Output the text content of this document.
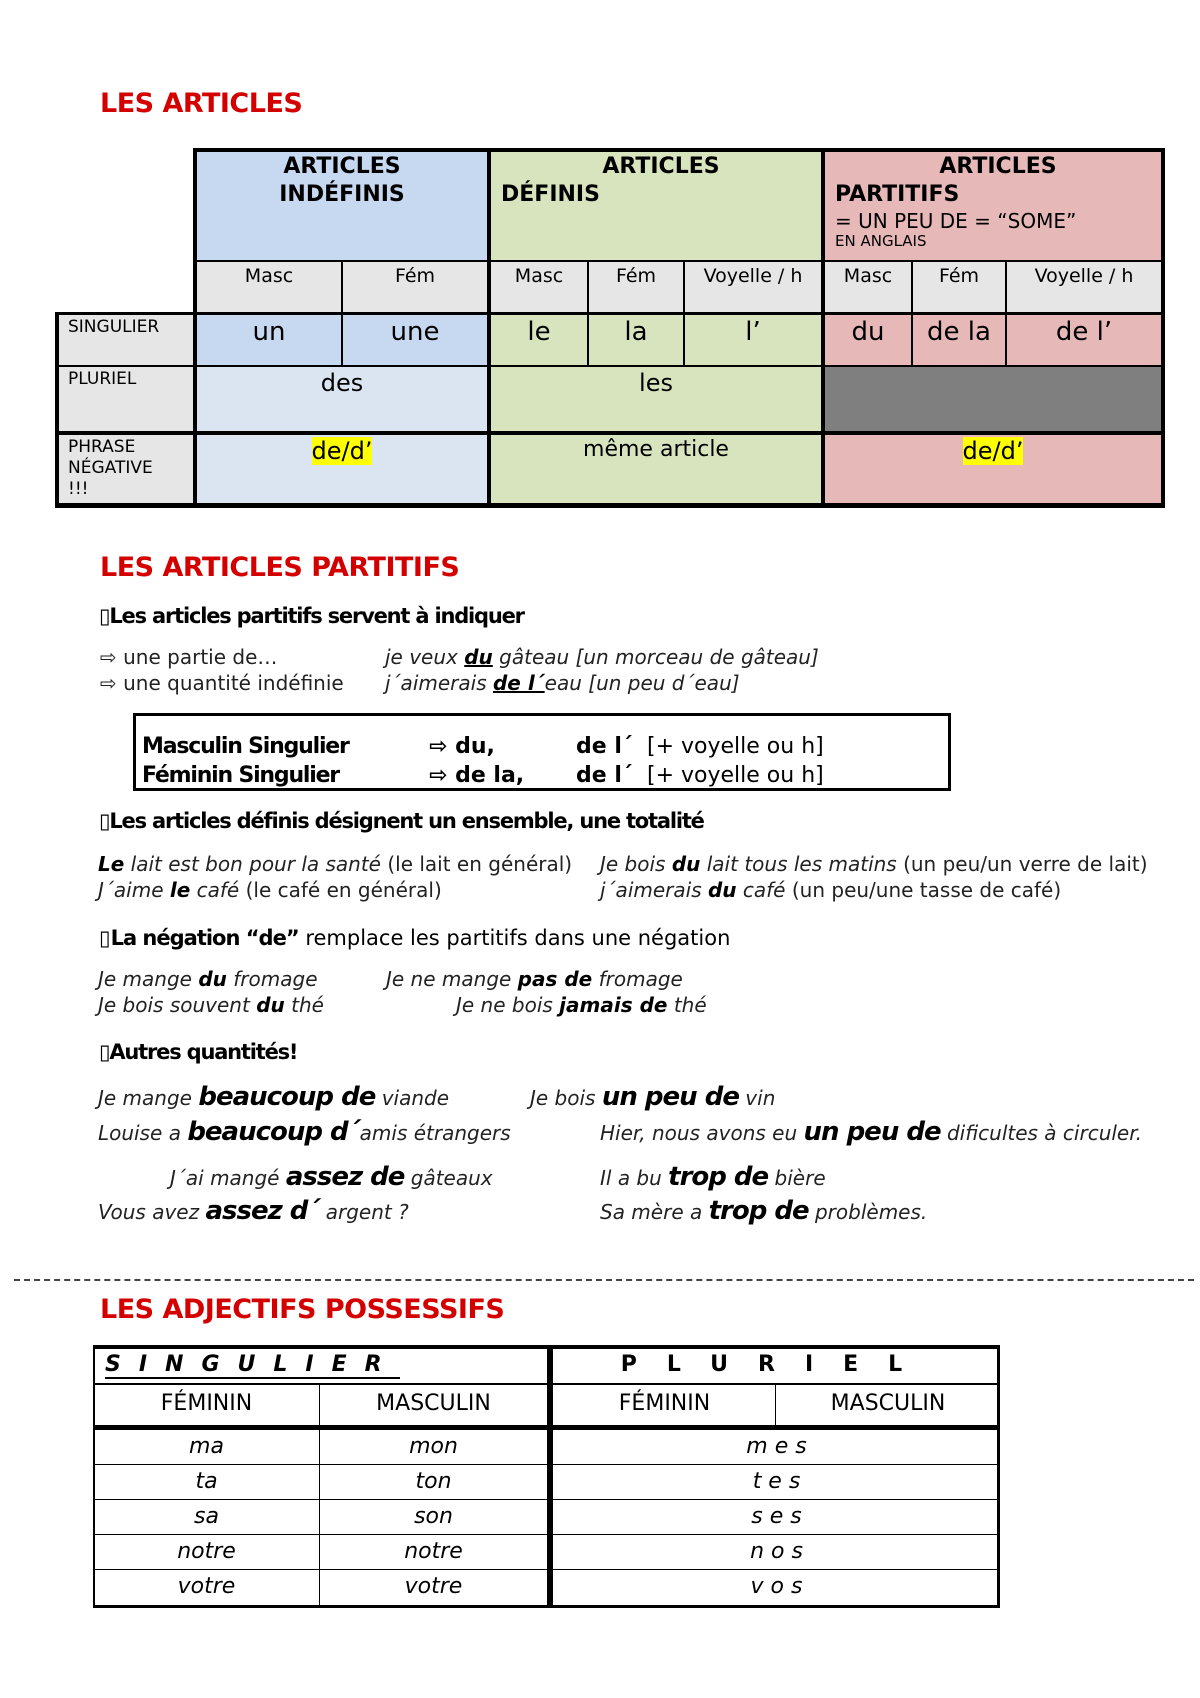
LES ARTICLES
ARTICLES
INDÉFINIS
ARTICLES
DÉFINIS
ARTICLES
PARTITIFS
= UN PEU DE = “SOME”
EN ANGLAIS
Masc	Fém	Masc	Fém	Voyelle / h	Masc	Fém	Voyelle / h
SINGULIER	un	une	le	la	l’	du	de la	de l’
PLURIEL	des	les
PHRASE
NÉGATIVE
!!!
de/d’	même article	de/d’
LES ARTICLES PARTITIFS
▯Les articles partitifs servent à indiquer
⇨ une partie de…	je veux du gâteau [un morceau de gâteau]
⇨ une quantité indéfinie j´aimerais de l´eau [un peu d´eau]
Masculin Singulier	⇨ du,	de l´ [+ voyelle ou h]
Féminin Singulier	⇨ de la, de l´ [+ voyelle ou h]
▯Les articles définis désignent un ensemble, une totalité
Le lait est bon pour la santé (le lait en général)
J´aime le café (le café en général)
Je bois du lait tous les matins (un peu/un verre de lait)
j´aimerais du café (un peu/une tasse de café)
▯La négation “de” remplace les partitifs dans une négation
Je mange du fromage
Je bois souvent du thé
Je ne mange pas de fromage
Je ne bois jamais de thé
▯Autres quantités!
Je mange beaucoup de viande	Je bois un peu de vin
Louise a beaucoup d´amis étrangers	Hier, nous avons eu un peu de dificultes à circuler.
J´ai mangé assez de gâteaux	Il a bu trop de bière
Vous avez assez d´ argent ?	Sa mère a trop de problèmes.
LES ADJECTIFS POSSESSIFS
SINGULIER	PLURIEL
FÉMININ	MASCULIN	FÉMININ	MASCULIN
ma	mon	m e s
ta	ton	t e s
sa	son	s e s
notre	notre	n o s
votre	votre	v o s
